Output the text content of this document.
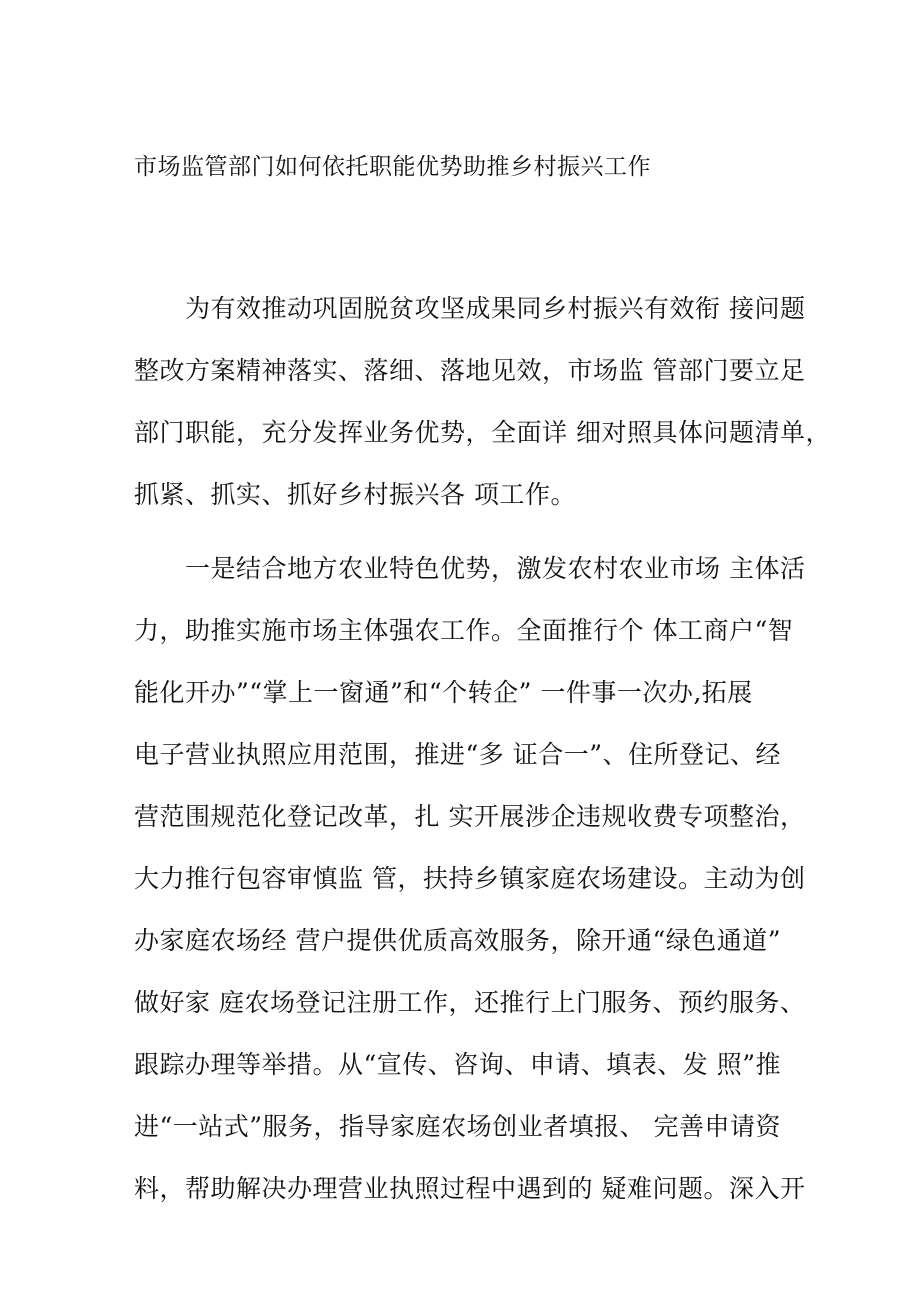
市场监管部门如何依托职能优势助推乡村振兴工作
　　为有效推动巩固脱贫攻坚成果同乡村振兴有效衔 接问题
整改方案精神落实、落细、落地见效，市场监 管部门要立足
部门职能，充分发挥业务优势，全面详 细对照具体问题清单，
抓紧、抓实、抓好乡村振兴各 项工作。
　　一是结合地方农业特色优势，激发农村农业市场 主体活
力，助推实施市场主体强农工作。全面推行个 体工商户“智
能化开办”“掌上一窗通”和“个转企” 一件事一次办,拓展
电子营业执照应用范围，推进“多 证合一”、住所登记、经
营范围规范化登记改革，扎 实开展涉企违规收费专项整治，
大力推行包容审慎监 管，扶持乡镇家庭农场建设。主动为创
办家庭农场经 营户提供优质高效服务，除开通“绿色通道”
做好家 庭农场登记注册工作，还推行上门服务、预约服务、
跟踪办理等举措。从“宣传、咨询、申请、填表、发 照”推
进“一站式”服务，指导家庭农场创业者填报、 完善申请资
料，帮助解决办理营业执照过程中遇到的 疑难问题。深入开
